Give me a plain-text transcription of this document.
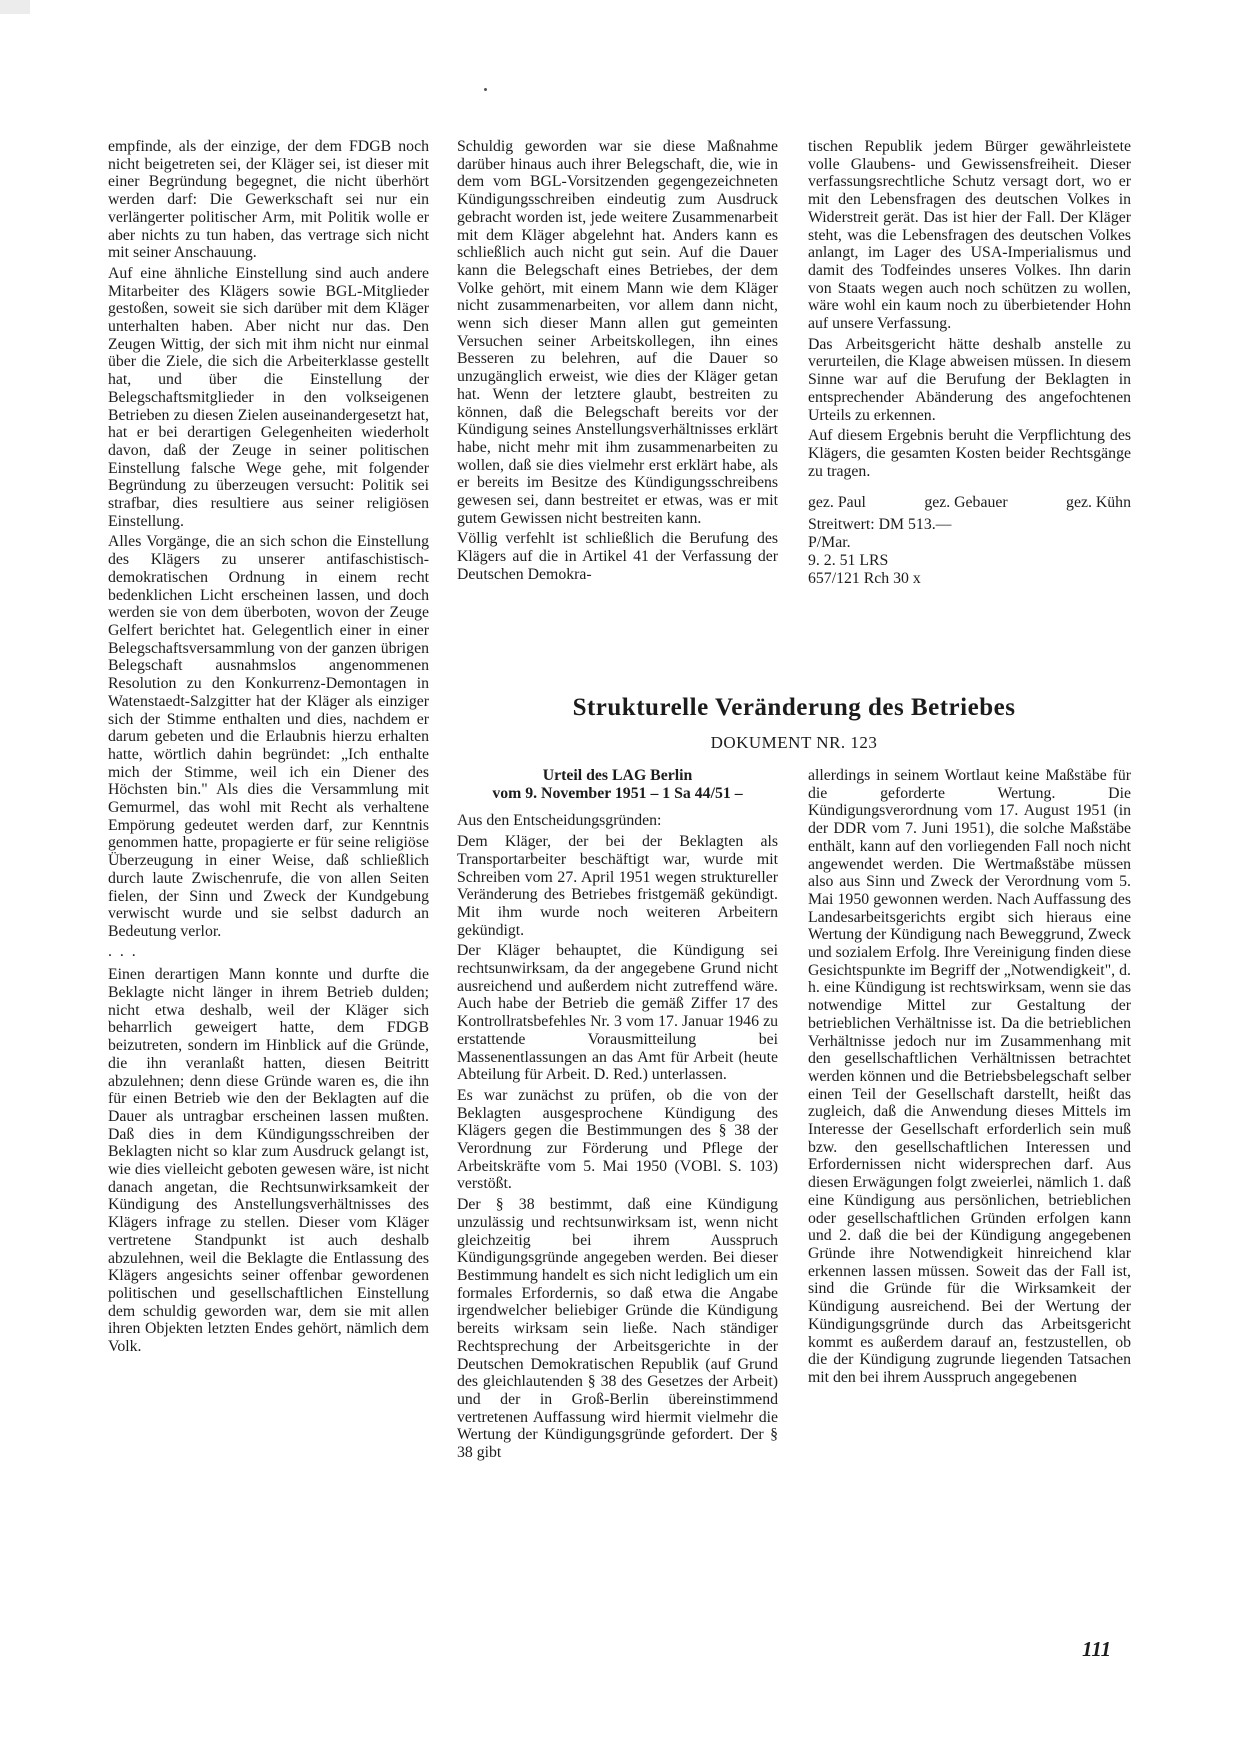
empfinde, als der einzige, der dem FDGB noch nicht beigetreten sei, der Kläger sei, ist dieser mit einer Begründung begegnet, die nicht überhört werden darf: Die Gewerkschaft sei nur ein verlängerter politischer Arm, mit Politik wolle er aber nichts zu tun haben, das vertrage sich nicht mit seiner Anschauung.

Auf eine ähnliche Einstellung sind auch andere Mitarbeiter des Klägers sowie BGL-Mitglieder gestoßen, soweit sie sich darüber mit dem Kläger unterhalten haben. Aber nicht nur das. Den Zeugen Wittig, der sich mit ihm nicht nur einmal über die Ziele, die sich die Arbeiterklasse gestellt hat, und über die Einstellung der Belegschaftsmitglieder in den volkseigenen Betrieben zu diesen Zielen auseinandergesetzt hat, hat er bei derartigen Gelegenheiten wiederholt davon, daß der Zeuge in seiner politischen Einstellung falsche Wege gehe, mit folgender Begründung zu überzeugen versucht: Politik sei strafbar, dies resultiere aus seiner religiösen Einstellung.

Alles Vorgänge, die an sich schon die Einstellung des Klägers zu unserer antifaschistisch-demokratischen Ordnung in einem recht bedenklichen Licht erscheinen lassen, und doch werden sie von dem überboten, wovon der Zeuge Gelfert berichtet hat. Gelegentlich einer in einer Belegschaftsversammlung von der ganzen übrigen Belegschaft ausnahmslos angenommenen Resolution zu den Konkurrenz-Demontagen in Watenstaedt-Salzgitter hat der Kläger als einziger sich der Stimme enthalten und dies, nachdem er darum gebeten und die Erlaubnis hierzu erhalten hatte, wörtlich dahin begründet: „Ich enthalte mich der Stimme, weil ich ein Diener des Höchsten bin." Als dies die Versammlung mit Gemurmel, das wohl mit Recht als verhaltene Empörung gedeutet werden darf, zur Kenntnis genommen hatte, propagierte er für seine religiöse Überzeugung in einer Weise, daß schließlich durch laute Zwischenrufe, die von allen Seiten fielen, der Sinn und Zweck der Kundgebung verwischt wurde und sie selbst dadurch an Bedeutung verlor.

. . .

Einen derartigen Mann konnte und durfte die Beklagte nicht länger in ihrem Betrieb dulden; nicht etwa deshalb, weil der Kläger sich beharrlich geweigert hatte, dem FDGB beizutreten, sondern im Hinblick auf die Gründe, die ihn veranlaßt hatten, diesen Beitritt abzulehnen; denn diese Gründe waren es, die ihn für einen Betrieb wie den der Beklagten auf die Dauer als untragbar erscheinen lassen mußten. Daß dies in dem Kündigungsschreiben der Beklagten nicht so klar zum Ausdruck gelangt ist, wie dies vielleicht geboten gewesen wäre, ist nicht danach angetan, die Rechtsunwirksamkeit der Kündigung des Anstellungsverhältnisses des Klägers infrage zu stellen. Dieser vom Kläger vertretene Standpunkt ist auch deshalb abzulehnen, weil die Beklagte die Entlassung des Klägers angesichts seiner offenbar gewordenen politischen und gesellschaftlichen Einstellung dem schuldig geworden war, dem sie mit allen ihren Objekten letzten Endes gehört, nämlich dem Volk.

Schuldig geworden war sie diese Maßnahme darüber hinaus auch ihrer Belegschaft, die, wie in dem vom BGL-Vorsitzenden gegengezeichneten Kündigungsschreiben eindeutig zum Ausdruck gebracht worden ist, jede weitere Zusammenarbeit mit dem Kläger abgelehnt hat. Anders kann es schließlich auch nicht gut sein. Auf die Dauer kann die Belegschaft eines Betriebes, der dem Volke gehört, mit einem Mann wie dem Kläger nicht zusammenarbeiten, vor allem dann nicht, wenn sich dieser Mann allen gut gemeinten Versuchen seiner Arbeitskollegen, ihn eines Besseren zu belehren, auf die Dauer so unzugänglich erweist, wie dies der Kläger getan hat. Wenn der letztere glaubt, bestreiten zu können, daß die Belegschaft bereits vor der Kündigung seines Anstellungsverhältnisses erklärt habe, nicht mehr mit ihm zusammenarbeiten zu wollen, daß sie dies vielmehr erst erklärt habe, als er bereits im Besitze des Kündigungsschreibens gewesen sei, dann bestreitet er etwas, was er mit gutem Gewissen nicht bestreiten kann.

Völlig verfehlt ist schließlich die Berufung des Klägers auf die in Artikel 41 der Verfassung der Deutschen Demokra-

tischen Republik jedem Bürger gewährleistete volle Glaubens- und Gewissensfreiheit. Dieser verfassungsrechtliche Schutz versagt dort, wo er mit den Lebensfragen des deutschen Volkes in Widerstreit gerät. Das ist hier der Fall. Der Kläger steht, was die Lebensfragen des deutschen Volkes anlangt, im Lager des USA-Imperialismus und damit des Todfeindes unseres Volkes. Ihn darin von Staats wegen auch noch schützen zu wollen, wäre wohl ein kaum noch zu überbietender Hohn auf unsere Verfassung.

Das Arbeitsgericht hätte deshalb anstelle zu verurteilen, die Klage abweisen müssen. In diesem Sinne war auf die Berufung der Beklagten in entsprechender Abänderung des angefochtenen Urteils zu erkennen.

Auf diesem Ergebnis beruht die Verpflichtung des Klägers, die gesamten Kosten beider Rechtsgänge zu tragen.

gez. Paul	gez. Gebauer	gez. Kühn
Streitwert: DM 513.—
P/Mar.
9. 2. 51 LRS
657/121 Rch 30 x
Strukturelle Veränderung des Betriebes
DOKUMENT NR. 123
Urteil des LAG Berlin
vom 9. November 1951 – 1 Sa 44/51 –

Aus den Entscheidungsgründen:

Dem Kläger, der bei der Beklagten als Transportarbeiter beschäftigt war, wurde mit Schreiben vom 27. April 1951 wegen struktureller Veränderung des Betriebes fristgemäß gekündigt. Mit ihm wurde noch weiteren Arbeitern gekündigt.

Der Kläger behauptet, die Kündigung sei rechtsunwirksam, da der angegebene Grund nicht ausreichend und außerdem nicht zutreffend wäre. Auch habe der Betrieb die gemäß Ziffer 17 des Kontrollratsbefehles Nr. 3 vom 17. Januar 1946 zu erstattende Vorausmitteilung bei Massenentlassungen an das Amt für Arbeit (heute Abteilung für Arbeit. D. Red.) unterlassen.

Es war zunächst zu prüfen, ob die von der Beklagten ausgesprochene Kündigung des Klägers gegen die Bestimmungen des § 38 der Verordnung zur Förderung und Pflege der Arbeitskräfte vom 5. Mai 1950 (VOBl. S. 103) verstößt.

Der § 38 bestimmt, daß eine Kündigung unzulässig und rechtsunwirksam ist, wenn nicht gleichzeitig bei ihrem Ausspruch Kündigungsgründe angegeben werden. Bei dieser Bestimmung handelt es sich nicht lediglich um ein formales Erfordernis, so daß etwa die Angabe irgendwelcher beliebiger Gründe die Kündigung bereits wirksam sein ließe. Nach ständiger Rechtsprechung der Arbeitsgerichte in der Deutschen Demokratischen Republik (auf Grund des gleichlautenden § 38 des Gesetzes der Arbeit) und der in Groß-Berlin übereinstimmend vertretenen Auffassung wird hiermit vielmehr die Wertung der Kündigungsgründe gefordert. Der § 38 gibt

allerdings in seinem Wortlaut keine Maßstäbe für die geforderte Wertung. Die Kündigungsverordnung vom 17. August 1951 (in der DDR vom 7. Juni 1951), die solche Maßstäbe enthält, kann auf den vorliegenden Fall noch nicht angewendet werden. Die Wertmaßstäbe müssen also aus Sinn und Zweck der Verordnung vom 5. Mai 1950 gewonnen werden. Nach Auffassung des Landesarbeitsgerichts ergibt sich hieraus eine Wertung der Kündigung nach Beweggrund, Zweck und sozialem Erfolg. Ihre Vereinigung finden diese Gesichtspunkte im Begriff der „Notwendigkeit", d. h. eine Kündigung ist rechtswirksam, wenn sie das notwendige Mittel zur Gestaltung der betrieblichen Verhältnisse ist. Da die betrieblichen Verhältnisse jedoch nur im Zusammenhang mit den gesellschaftlichen Verhältnissen betrachtet werden können und die Betriebsbelegschaft selber einen Teil der Gesellschaft darstellt, heißt das zugleich, daß die Anwendung dieses Mittels im Interesse der Gesellschaft erforderlich sein muß bzw. den gesellschaftlichen Interessen und Erfordernissen nicht widersprechen darf. Aus diesen Erwägungen folgt zweierlei, nämlich 1. daß eine Kündigung aus persönlichen, betrieblichen oder gesellschaftlichen Gründen erfolgen kann und 2. daß die bei der Kündigung angegebenen Gründe ihre Notwendigkeit hinreichend klar erkennen lassen müssen. Soweit das der Fall ist, sind die Gründe für die Wirksamkeit der Kündigung ausreichend. Bei der Wertung der Kündigungsgründe durch das Arbeitsgericht kommt es außerdem darauf an, festzustellen, ob die der Kündigung zugrunde liegenden Tatsachen mit den bei ihrem Ausspruch angegebenen

111
